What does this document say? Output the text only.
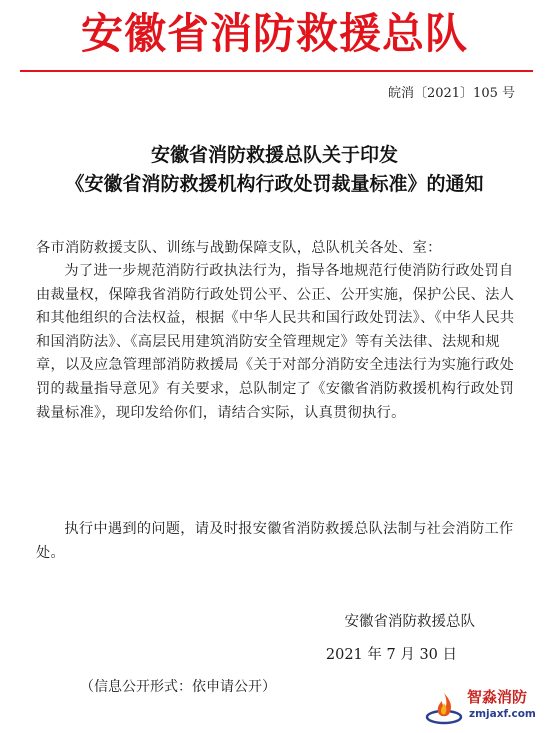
安徽省消防救援总队
皖消〔2021〕105 号
安徽省消防救援总队关于印发
《安徽省消防救援机构行政处罚裁量标准》的通知
各市消防救援支队、训练与战勤保障支队，总队机关各处、室：
为了进一步规范消防行政执法行为，指导各地规范行使消防行政处罚自由裁量权，保障我省消防行政处罚公平、公正、公开实施，保护公民、法人和其他组织的合法权益，根据《中华人民共和国行政处罚法》、《中华人民共和国消防法》、《高层民用建筑消防安全管理规定》等有关法律、法规和规章，以及应急管理部消防救援局《关于对部分消防安全违法行为实施行政处罚的裁量指导意见》有关要求，总队制定了《安徽省消防救援机构行政处罚裁量标准》，现印发给你们，请结合实际，认真贯彻执行。
执行中遇到的问题，请及时报安徽省消防救援总队法制与社会消防工作处。
安徽省消防救援总队
2021 年 7 月 30 日
（信息公开形式：依申请公开）
智淼消防
zmjaxf.com
